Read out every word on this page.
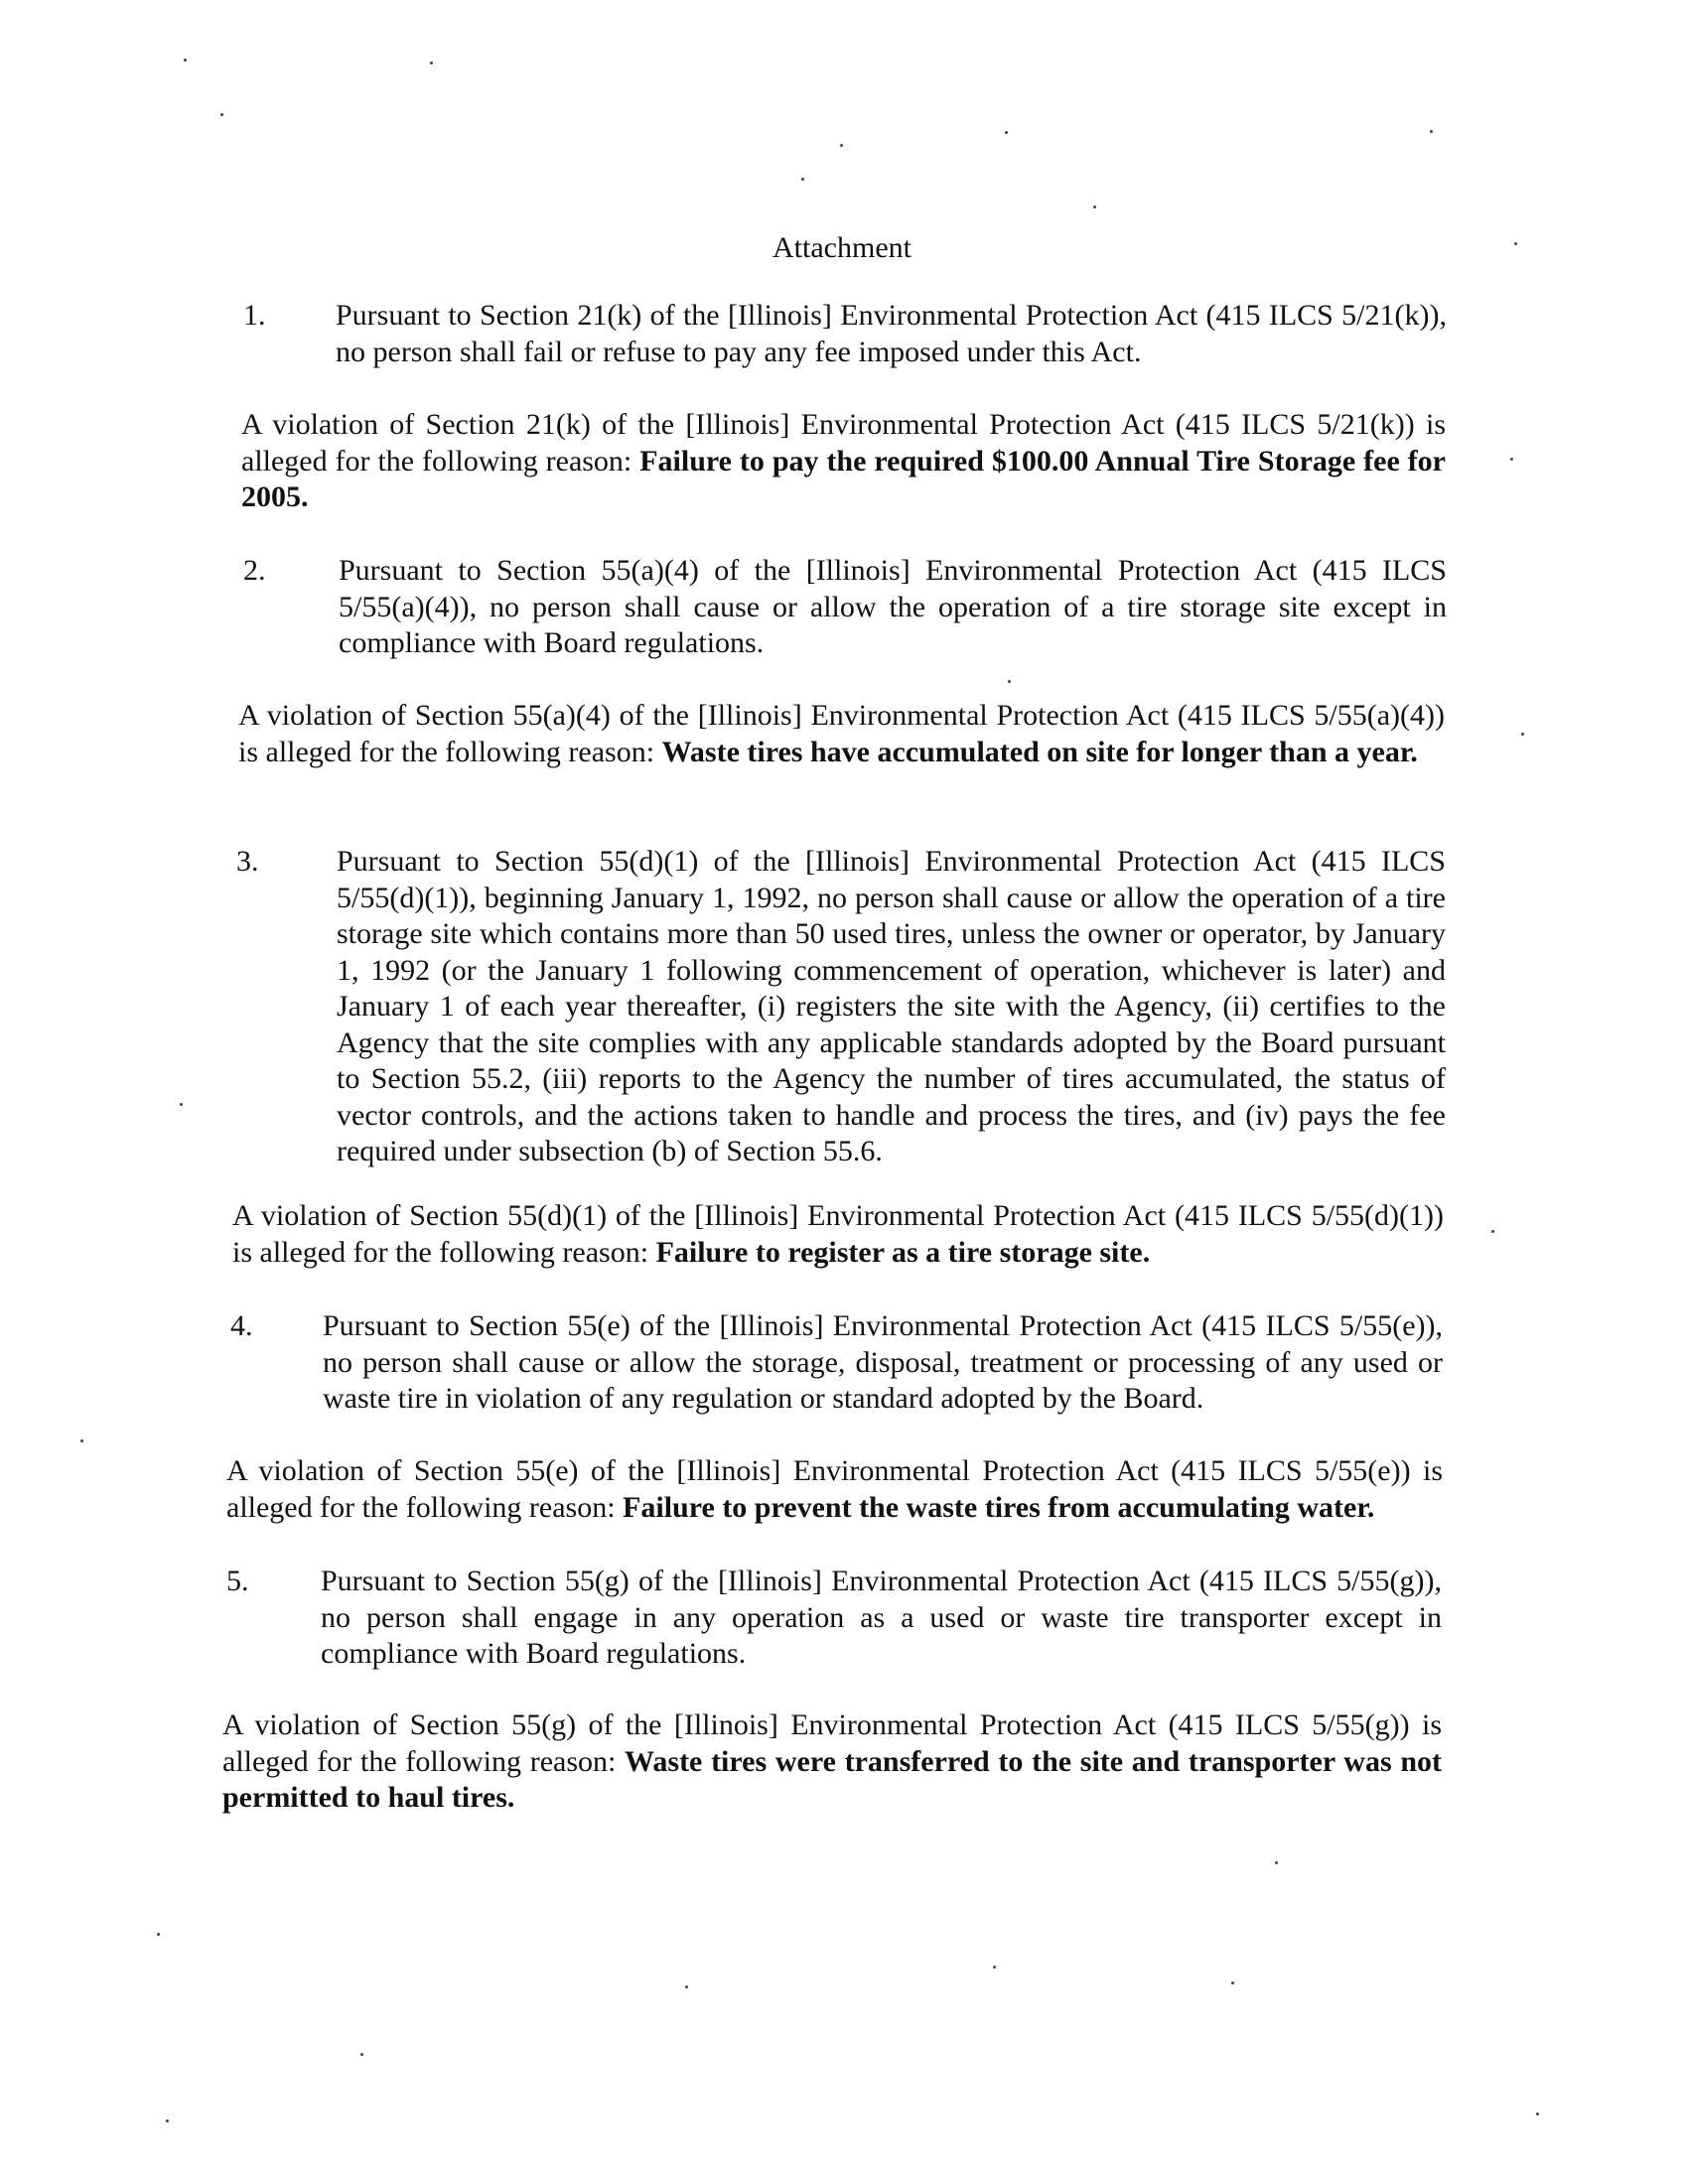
Attachment
1. Pursuant to Section 21(k) of the [Illinois] Environmental Protection Act (415 ILCS 5/21(k)), no person shall fail or refuse to pay any fee imposed under this Act.
A violation of Section 21(k) of the [Illinois] Environmental Protection Act (415 ILCS 5/21(k)) is alleged for the following reason: Failure to pay the required $100.00 Annual Tire Storage fee for 2005.
2. Pursuant to Section 55(a)(4) of the [Illinois] Environmental Protection Act (415 ILCS 5/55(a)(4)), no person shall cause or allow the operation of a tire storage site except in compliance with Board regulations.
A violation of Section 55(a)(4) of the [Illinois] Environmental Protection Act (415 ILCS 5/55(a)(4)) is alleged for the following reason: Waste tires have accumulated on site for longer than a year.
3.	Pursuant to Section 55(d)(1) of the [Illinois] Environmental Protection Act (415 ILCS 5/55(d)(1)), beginning January 1, 1992, no person shall cause or allow the operation of a tire storage site which contains more than 50 used tires, unless the owner or operator, by January 1, 1992 (or the January 1 following commencement of operation, whichever is later) and January 1 of each year thereafter, (i) registers the site with the Agency, (ii) certifies to the Agency that the site complies with any applicable standards adopted by the Board pursuant to Section 55.2, (iii) reports to the Agency the number of tires accumulated, the status of vector controls, and the actions taken to handle and process the tires, and (iv) pays the fee required under subsection (b) of Section 55.6.
A violation of Section 55(d)(1) of the [Illinois] Environmental Protection Act (415 ILCS 5/55(d)(1)) is alleged for the following reason: Failure to register as a tire storage site.
4. Pursuant to Section 55(e) of the [Illinois] Environmental Protection Act (415 ILCS 5/55(e)), no person shall cause or allow the storage, disposal, treatment or processing of any used or waste tire in violation of any regulation or standard adopted by the Board.
A violation of Section 55(e) of the [Illinois] Environmental Protection Act (415 ILCS 5/55(e)) is alleged for the following reason: Failure to prevent the waste tires from accumulating water.
5. Pursuant to Section 55(g) of the [Illinois] Environmental Protection Act (415 ILCS 5/55(g)), no person shall engage in any operation as a used or waste tire transporter except in compliance with Board regulations.
A violation of Section 55(g) of the [Illinois] Environmental Protection Act (415 ILCS 5/55(g)) is alleged for the following reason: Waste tires were transferred to the site and transporter was not permitted to haul tires.
